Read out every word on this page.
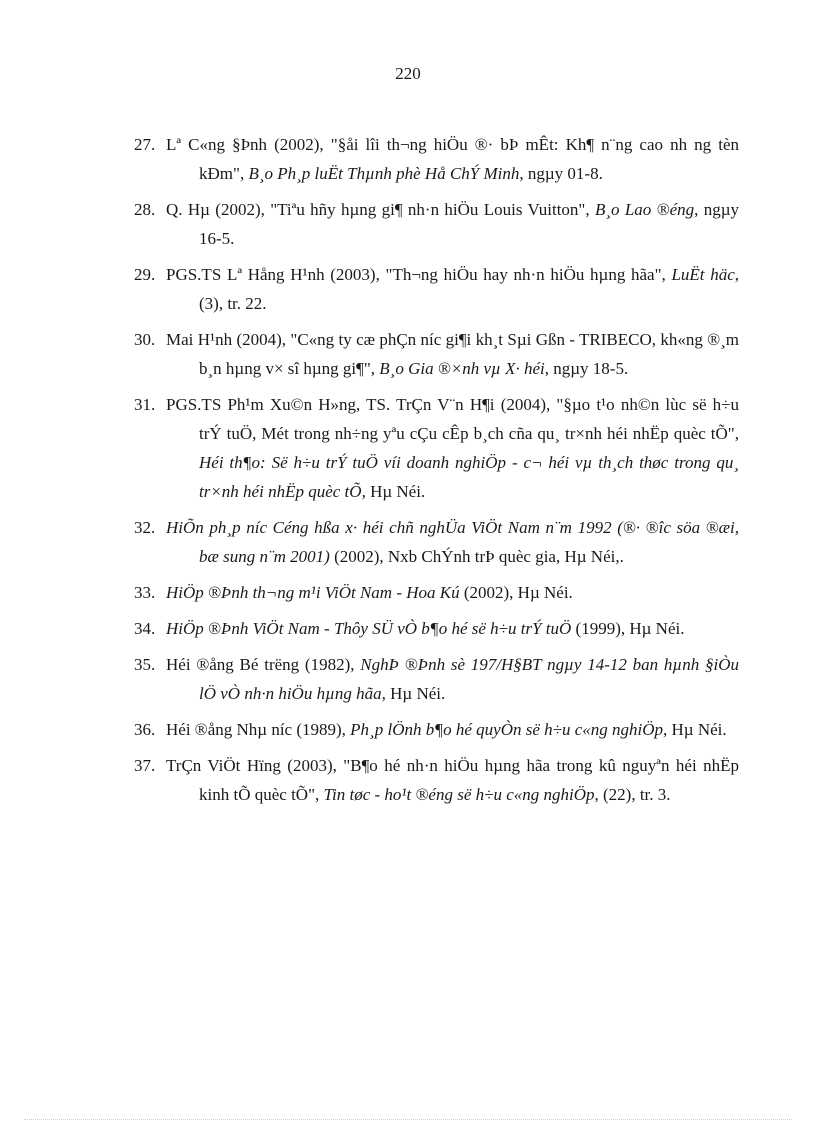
220
27. Lª C«ng §Þnh (2002), "§åi lîi th¬ng hiÖu ®· bÞ mÊt: Kh¶ n¨ng cao nh ng tèn kÐm", B¸o Ph¸p luËt Thµnh phè Hå ChÝ Minh, ngµy 01-8.
28. Q. Hµ (2002), "Tiªu hñy hµng gi¶ nh·n hiÖu Louis Vuitton", B¸o Lao ®éng, ngµy 16-5.
29. PGS.TS Lª Hång H¹nh (2003), "Th¬ng hiÖu hay nh·n hiÖu hµng hãa", LuËt häc, (3), tr. 22.
30. Mai H¹nh (2004), "C«ng ty cæ phÇn níc gi¶i kh¸t Sµi Gßn - TRIBECO, kh«ng ®¸m b¸n hµng v× sî hµng gi¶", B¸o Gia ®×nh vµ X· héi, ngµy 18-5.
31. PGS.TS Ph¹m Xu©n H»ng, TS. TrÇn V¨n H¶i (2004), "§µo t¹o nh©n lùc së h÷u trÝ tuÖ, Mét trong nh÷ng yªu cÇu cÊp b¸ch cña qu¸ tr×nh héi nhËp quèc tÕ", Héi th¶o: Së h÷u trÝ tuÖ víi doanh nghiÖp - c¬ héi vµ th¸ch thøc trong qu¸ tr×nh héi nhËp quèc tÕ, Hµ Néi.
32. HiÕn ph¸p níc Céng hßa x· héi chñ nghÜa ViÖt Nam n¨m 1992 (®· ®îc söa ®æi, bæ sung n¨m 2001) (2002), Nxb ChÝnh trÞ quèc gia, Hµ Néi,.
33. HiÖp ®Þnh th¬ng m¹i ViÖt Nam - Hoa Kú (2002), Hµ Néi.
34. HiÖp ®Þnh ViÖt Nam - Thôy SÜ vÒ b¶o hé së h÷u trÝ tuÖ (1999), Hµ Néi.
35. Héi ®ång Bé trëng (1982), NghÞ ®Þnh sè 197/H§BT ngµy 14-12 ban hµnh §iÒu lÖ vÒ nh·n hiÖu hµng hãa, Hµ Néi.
36. Héi ®ång Nhµ níc (1989), Ph¸p lÖnh b¶o hé quyÒn së h÷u c«ng nghiÖp, Hµ Néi.
37. TrÇn ViÖt Hïng (2003), "B¶o hé nh·n hiÖu hµng hãa trong kû nguyªn héi nhËp kinh tÕ quèc tÕ", Tin tøc - ho¹t ®éng së h÷u c«ng nghiÖp, (22), tr. 3.
